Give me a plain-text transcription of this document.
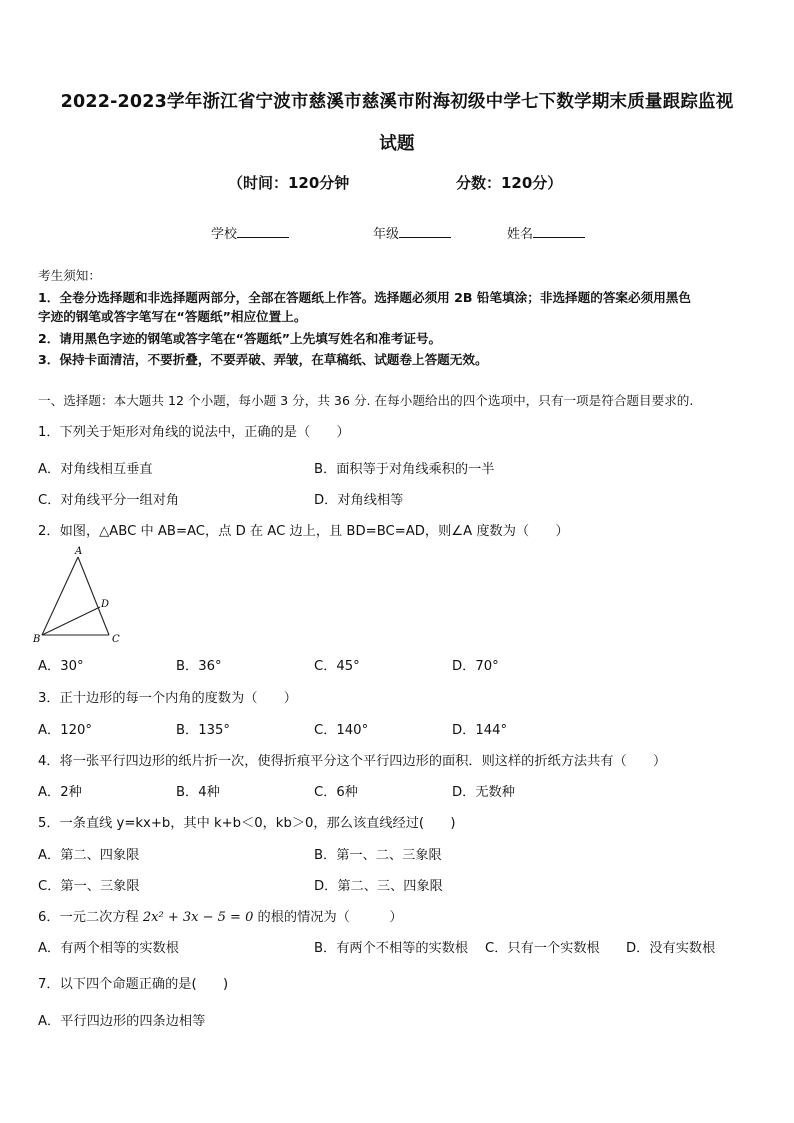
2022-2023学年浙江省宁波市慈溪市慈溪市附海初级中学七下数学期末质量跟踪监视
试题
（时间：120分钟	分数：120分）
学校	年级	姓名
考生须知：
1．全卷分选择题和非选择题两部分，全部在答题纸上作答。选择题必须用 2B 铅笔填涂；非选择题的答案必须用黑色
字迹的钢笔或答字笔写在“答题纸”相应位置上。
2．请用黑色字迹的钢笔或答字笔在“答题纸”上先填写姓名和准考证号。
3．保持卡面清洁，不要折叠，不要弄破、弄皱，在草稿纸、试题卷上答题无效。
一、选择题：本大题共 12 个小题，每小题 3 分，共 36 分. 在每小题给出的四个选项中，只有一项是符合题目要求的.
1．下列关于矩形对角线的说法中，正确的是（　　）
A．对角线相互垂直	B．面积等于对角线乘积的一半
C．对角线平分一组对角	D．对角线相等
2．如图，△ABC 中 AB=AC，点 D 在 AC 边上，且 BD=BC=AD，则∠A 度数为（　　）
A
B	C
D
A．30°	B．36°	C．45°	D．70°
3．正十边形的每一个内角的度数为（　　）
A．120°	B．135°	C．140°	D．144°
4．将一张平行四边形的纸片折一次，使得折痕平分这个平行四边形的面积．则这样的折纸方法共有（　　）
A．2种	B．4种	C．6种	D．无数种
5．一条直线 y=kx+b，其中 k+b＜0，kb＞0，那么该直线经过(　　)
A．第二、四象限	B．第一、二、三象限
C．第一、三象限	D．第二、三、四象限
6．一元二次方程 2x² + 3x − 5 = 0 的根的情况为（　　　）
A．有两个相等的实数根	B．有两个不相等的实数根 C．只有一个实数根 D．没有实数根
7．以下四个命题正确的是(　　)
A．平行四边形的四条边相等
